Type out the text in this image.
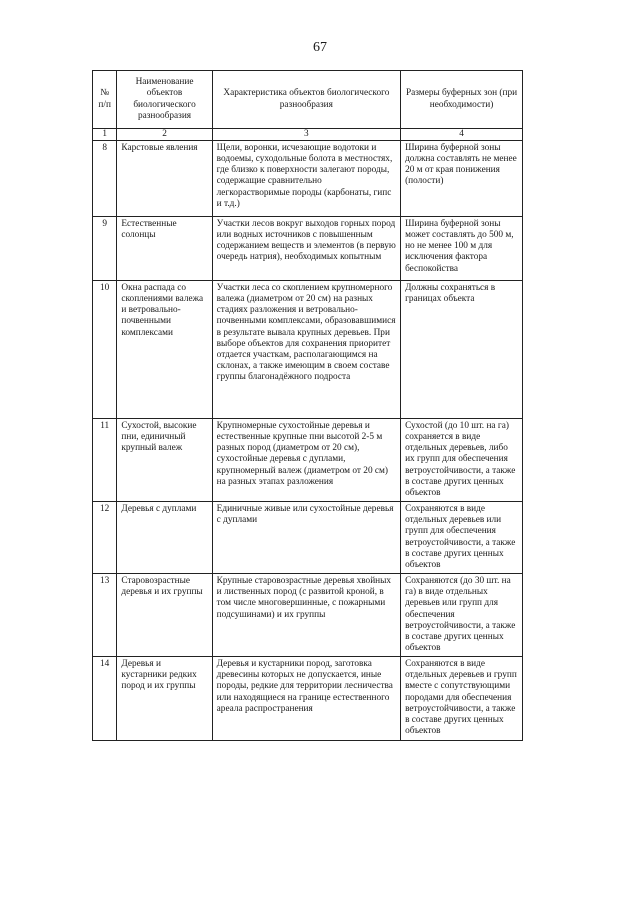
67
№ п/п	Наименование объектов биологического разнообразия	Характеристика объектов биологического разнообразия	Размеры буферных зон (при необходимости)
1	2	3	4
8	Карстовые явления	Щели, воронки, исчезающие водотоки и водоемы, суходольные болота в местностях, где близко к поверхности залегают породы, содержащие сравнительно легкорастворимые породы (карбонаты, гипс и т.д.)	Ширина буферной зоны должна составлять не менее 20 м от края понижения (полости)
9	Естественные солонцы	Участки лесов вокруг выходов горных пород или водных источников с повышенным содержанием веществ и элементов (в первую очередь натрия), необходимых копытным	Ширина буферной зоны может составлять до 500 м, но не менее 100 м для исключения фактора беспокойства
10	Окна распада со скоплениями валежа и ветровально-почвенными комплексами	Участки леса со скоплением крупномерного валежа (диаметром от 20 см) на разных стадиях разложения и ветровально-почвенными комплексами, образовавшимися в результате вывала крупных деревьев. При выборе объектов для сохранения приоритет отдается участкам, располагающимся на склонах, а также имеющим в своем составе группы благонадёжного подроста	Должны сохраняться в границах объекта
11	Сухостой, высокие пни, единичный крупный валеж	Крупномерные сухостойные деревья и естественные крупные пни высотой 2-5 м разных пород (диаметром от 20 см), сухостойные деревья с дуплами, крупномерный валеж (диаметром от 20 см) на разных этапах разложения	Сухостой (до 10 шт. на га) сохраняется в виде отдельных деревьев, либо их групп для обеспечения ветроустойчивости, а также в составе других ценных объектов
12	Деревья с дуплами	Единичные живые или сухостойные деревья с дуплами	Сохраняются в виде отдельных деревьев или групп для обеспечения ветроустойчивости, а также в составе других ценных объектов
13	Старовозрастные деревья и их группы	Крупные старовозрастные деревья хвойных и лиственных пород (с развитой кроной, в том числе многовершинные, с пожарными подсушинами) и их группы	Сохраняются (до 30 шт. на га) в виде отдельных деревьев или групп для обеспечения ветроустойчивости, а также в составе других ценных объектов
14	Деревья и кустарники редких пород и их группы	Деревья и кустарники пород, заготовка древесины которых не допускается, иные породы, редкие для территории лесничества или находящиеся на границе естественного ареала распространения	Сохраняются в виде отдельных деревьев и групп вместе с сопутствующими породами для обеспечения ветроустойчивости, а также в составе других ценных объектов
